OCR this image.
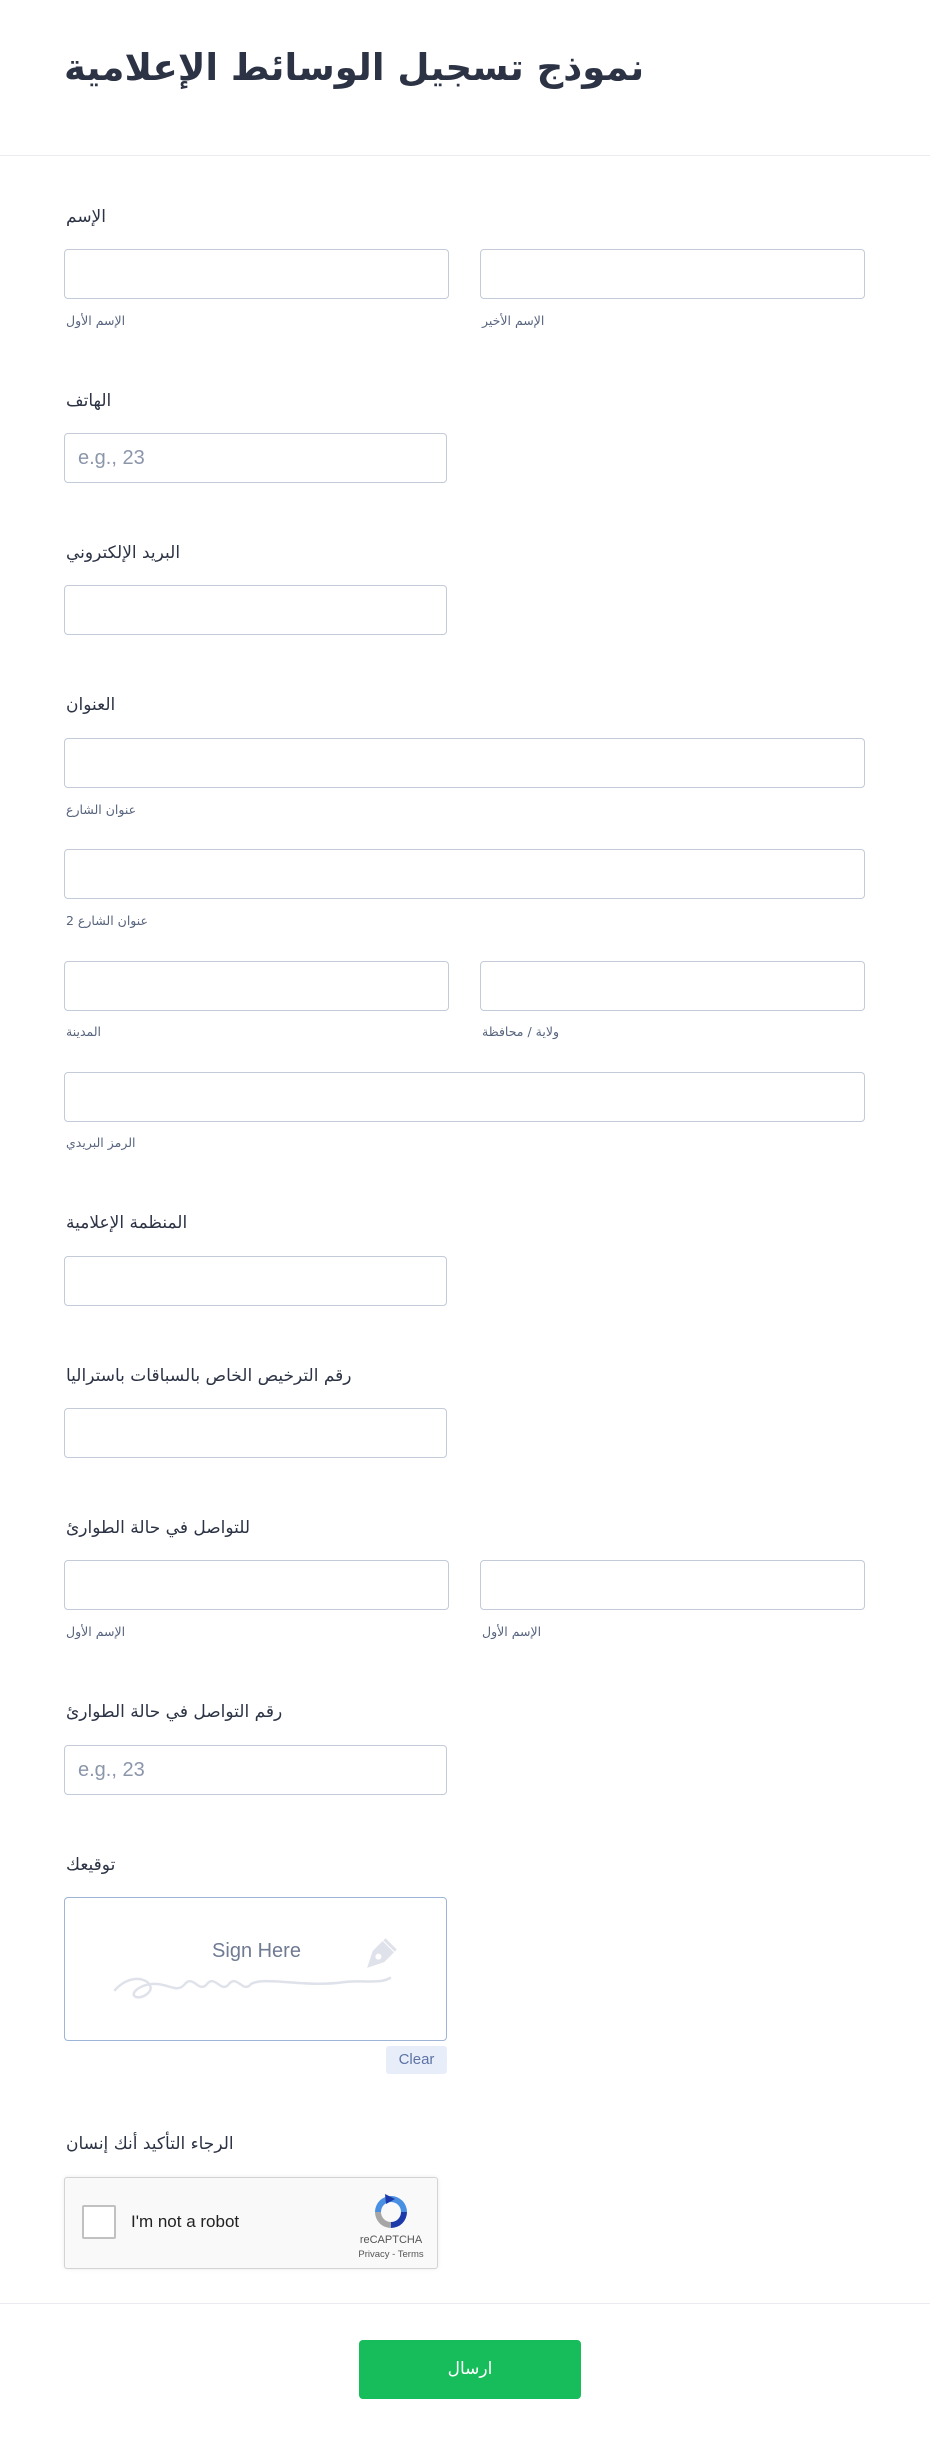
نموذج تسجيل الوسائط الإعلامية
الإسم
الإسم الأول	الإسم الأخير
الهاتف
e.g., 23
البريد الإلكتروني
العنوان
عنوان الشارع
عنوان الشارع 2
المدينة	ولاية / محافظة
الرمز البريدي
المنظمة الإعلامية
رقم الترخيص الخاص بالسباقات باستراليا
للتواصل في حالة الطوارئ
الإسم الأول	الإسم الأول
رقم التواصل في حالة الطوارئ
e.g., 23
توقيعك
Sign Here
Clear
الرجاء التأكيد أنك إنسان
I'm not a robot
reCAPTCHA
Privacy - Terms
ارسال
